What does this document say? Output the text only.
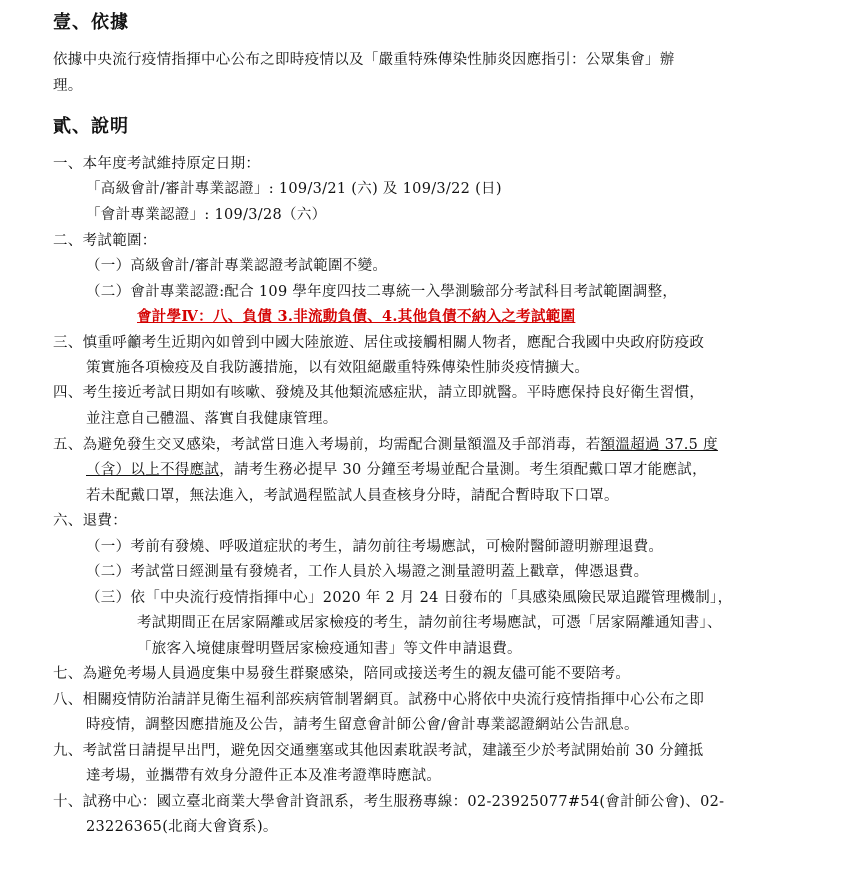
壹、依據
依據中央流行疫情指揮中心公布之即時疫情以及「嚴重特殊傳染性肺炎因應指引：公眾集會」辦
理。
貳、說明
一、本年度考試維持原定日期：
「高級會計/審計專業認證」: 109/3/21 (六) 及 109/3/22 (日)
「會計專業認證」: 109/3/28（六）
二、考試範圍：
（一）高級會計/審計專業認證考試範圍不變。
（二）會計專業認證:配合 109 學年度四技二專統一入學測驗部分考試科目考試範圍調整，
會計學Ⅳ：八、負債 3.非流動負債、4.其他負債不納入之考試範圍
三、慎重呼籲考生近期內如曾到中國大陸旅遊、居住或接觸相關人物者，應配合我國中央政府防疫政
策實施各項檢疫及自我防護措施，以有效阻絕嚴重特殊傳染性肺炎疫情擴大。
四、考生接近考試日期如有咳嗽、發燒及其他類流感症狀，請立即就醫。平時應保持良好衛生習慣，
並注意自己體溫、落實自我健康管理。
五、為避免發生交叉感染，考試當日進入考場前，均需配合測量額溫及手部消毒，若額溫超過 37.5 度
（含）以上不得應試，請考生務必提早 30 分鐘至考場並配合量測。考生須配戴口罩才能應試，
若未配戴口罩，無法進入，考試過程監試人員查核身分時，請配合暫時取下口罩。
六、退費：
（一）考前有發燒、呼吸道症狀的考生，請勿前往考場應試，可檢附醫師證明辦理退費。
（二）考試當日經測量有發燒者，工作人員於入場證之測量證明蓋上戳章，俾憑退費。
（三）依「中央流行疫情指揮中心」2020 年 2 月 24 日發布的「具感染風險民眾追蹤管理機制」，
考試期間正在居家隔離或居家檢疫的考生，請勿前往考場應試，可憑「居家隔離通知書」、
「旅客入境健康聲明暨居家檢疫通知書」等文件申請退費。
七、為避免考場人員過度集中易發生群聚感染，陪同或接送考生的親友儘可能不要陪考。
八、相關疫情防治請詳見衛生福利部疾病管制署網頁。試務中心將依中央流行疫情指揮中心公布之即
時疫情，調整因應措施及公告，請考生留意會計師公會/會計專業認證網站公告訊息。
九、考試當日請提早出門，避免因交通壅塞或其他因素耽誤考試，建議至少於考試開始前 30 分鐘抵
達考場，並攜帶有效身分證件正本及准考證準時應試。
十、試務中心：國立臺北商業大學會計資訊系，考生服務專線：02-23925077#54(會計師公會)、02-
23226365(北商大會資系)。
